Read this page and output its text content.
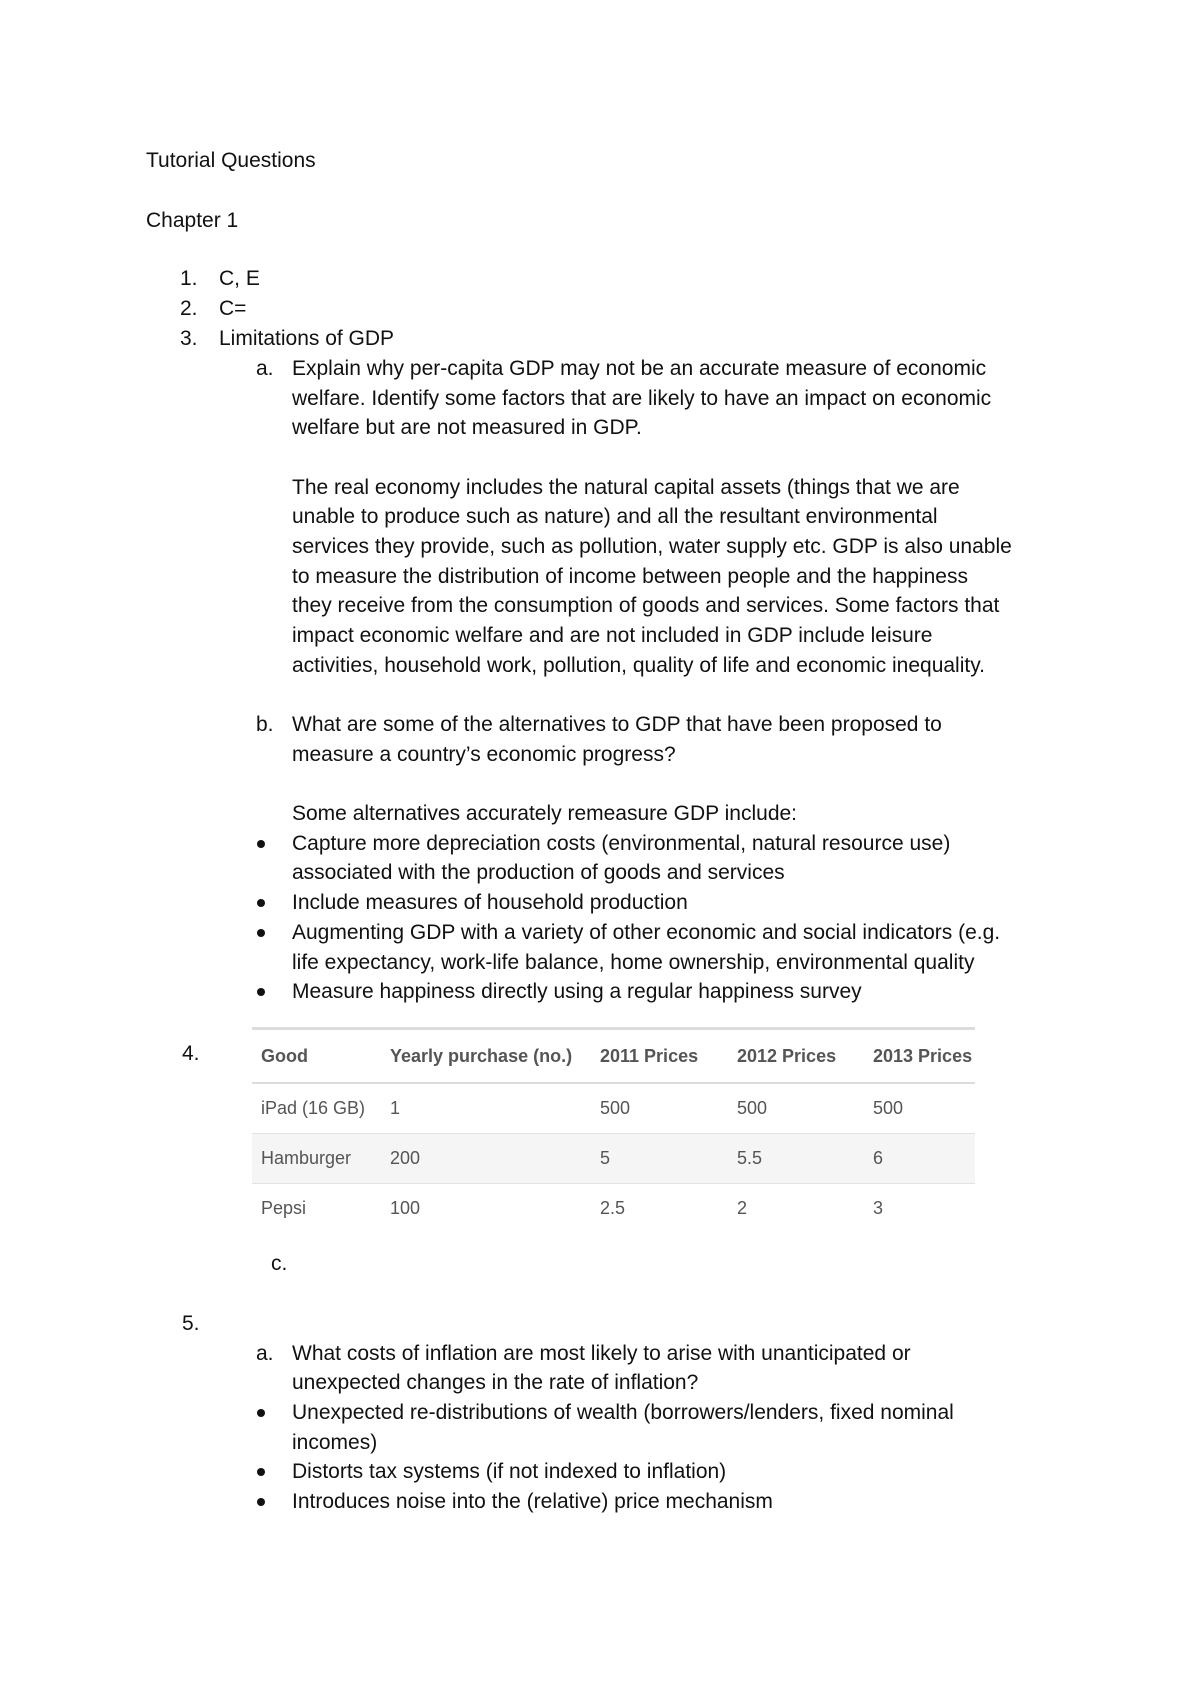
Tutorial Questions
Chapter 1
1. C, E
2. C=
3. Limitations of GDP
a. Explain why per-capita GDP may not be an accurate measure of economic
welfare. Identify some factors that are likely to have an impact on economic
welfare but are not measured in GDP.
The real economy includes the natural capital assets (things that we are
unable to produce such as nature) and all the resultant environmental
services they provide, such as pollution, water supply etc. GDP is also unable
to measure the distribution of income between people and the happiness
they receive from the consumption of goods and services. Some factors that
impact economic welfare and are not included in GDP include leisure
activities, household work, pollution, quality of life and economic inequality.
b. What are some of the alternatives to GDP that have been proposed to
measure a country’s economic progress?
Some alternatives accurately remeasure GDP include:
Capture more depreciation costs (environmental, natural resource use)
associated with the production of goods and services
Include measures of household production
Augmenting GDP with a variety of other economic and social indicators (e.g.
life expectancy, work-life balance, home ownership, environmental quality
Measure happiness directly using a regular happiness survey
4.	Good	Yearly purchase (no.)	2011 Prices	2012 Prices	2013 Prices
iPad (16 GB)	1	500	500	500
Hamburger	200	5	5.5	6
Pepsi	100	2.5	2	3
c.
5.
a. What costs of inflation are most likely to arise with unanticipated or
unexpected changes in the rate of inflation?
Unexpected re-distributions of wealth (borrowers/lenders, fixed nominal
incomes)
Distorts tax systems (if not indexed to inflation)
Introduces noise into the (relative) price mechanism
